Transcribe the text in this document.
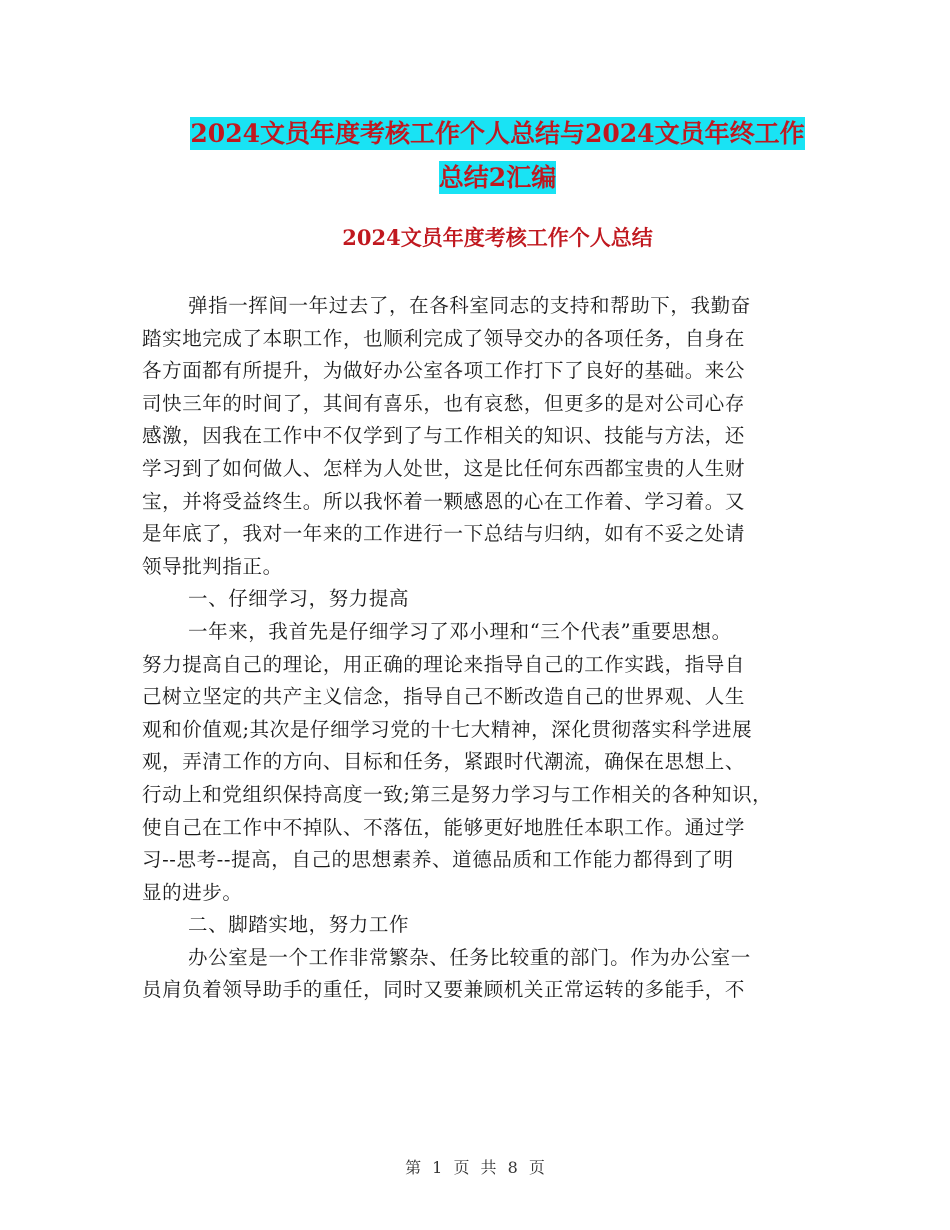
2024文员年度考核工作个人总结与2024文员年终工作
总结2汇编
2024文员年度考核工作个人总结

弹指一挥间一年过去了，在各科室同志的支持和帮助下，我勤奋
踏实地完成了本职工作，也顺利完成了领导交办的各项任务，自身在
各方面都有所提升，为做好办公室各项工作打下了良好的基础。来公
司快三年的时间了，其间有喜乐，也有哀愁，但更多的是对公司心存
感激，因我在工作中不仅学到了与工作相关的知识、技能与方法，还
学习到了如何做人、怎样为人处世，这是比任何东西都宝贵的人生财
宝，并将受益终生。所以我怀着一颗感恩的心在工作着、学习着。又
是年底了，我对一年来的工作进行一下总结与归纳，如有不妥之处请
领导批判指正。

一、仔细学习，努力提高

一年来，我首先是仔细学习了邓小理和“三个代表”重要思想。
努力提高自己的理论，用正确的理论来指导自己的工作实践，指导自
己树立坚定的共产主义信念，指导自己不断改造自己的世界观、人生
观和价值观;其次是仔细学习党的十七大精神，深化贯彻落实科学进展
观，弄清工作的方向、目标和任务，紧跟时代潮流，确保在思想上、
行动上和党组织保持高度一致;第三是努力学习与工作相关的各种知识，
使自己在工作中不掉队、不落伍，能够更好地胜任本职工作。通过学
习--思考--提高，自己的思想素养、道德品质和工作能力都得到了明
显的进步。

二、脚踏实地，努力工作

办公室是一个工作非常繁杂、任务比较重的部门。作为办公室一
员肩负着领导助手的重任，同时又要兼顾机关正常运转的多能手，不

第 1 页 共 8 页
